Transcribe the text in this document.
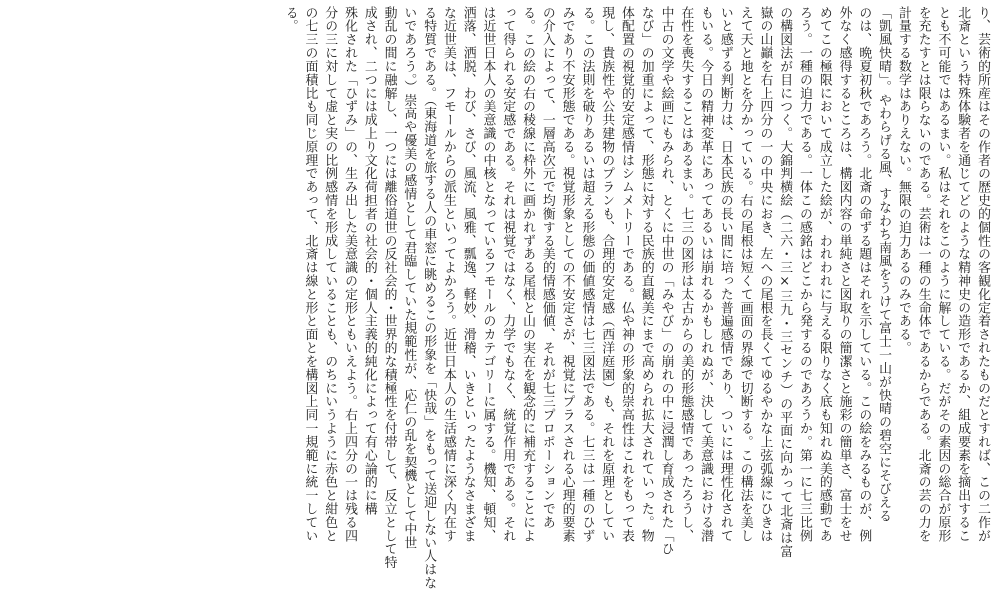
り、芸術的所産はその作者の歴史的個性の客観化定着されたものだとすれば、この二作が
北斎という特殊体験者を通じてどのような精神史の造形であるか、組成要素を摘出するこ
とも不可能ではあるまい。私はそれをこのように解している。だがその素因の総合が原形
を充たすとは限らないのである。芸術は一種の生命体であるからである。北斎の芸の力を
計量する数学はありえない。無限の迫力あるのみである。
「凱風快晴」。やわらげる風、すなわち南風をうけて富士一山が快晴の碧空にそびえる
のは、晩夏初秋であろう。北斎の命ずる題はそれを示している。この絵をみるものが、例
外なく感得するところは、構図内容の単純さと図取りの簡潔さと施彩の簡単さ、富士をせ
めてこの極限において成立した絵が、われわれに与える限りなく底も知れぬ美的感動であ
ろう。一種の迫力である。一体この感銘はどこから発するのであろうか。第一に七三比例
の構図法が目につく。大錦判横絵（二六・三×三九・三センチ）の平面に向かって北斎は富
嶽の山巓を右上四分の一の中央におき、左への尾根を長くてゆるやかな上弦弧線にひきは
えて天と地とを分かっている。右の尾根は短くて画面の界線で切断する。この構法を美し
いと感ずる判断力は、日本民族の長い間に培った普遍感情であり、ついには理性化されて
もいる。今日の精神変革にあってあるいは崩れるかもしれぬが、決して美意識における潜
在性を喪失することはあるまい。七三の図形は太古からの美的形態感情であったろうし、
中古の文学や絵画にもみられ、とくに中世の「みやび」の崩れの中に浸潤し育成された「ひ
なび」の加重によって、形態に対する民族的直観美にまで高められ拡大されていった。物
体配置の視覚的安定感情はシムメトリーである。仏や神の形象的崇高性はこれをもって表
現し、貴族性や公共建物のプランも、合理的安定感（西洋庭園）も、それを原理としてい
る。この法則を破りあるいは超える形態の価値感情は七三図法である。七三は一種のひず
みであり不安形態である。視覚形象としての不安定さが、視覚にプラスされる心理的要素
の介入によって、一層高次元で均衡する美的情感価値、それが七三プロポーションであ
る。この絵の右の稜線に枠外に画かれずある尾根と山の実在を観念的に補充することによ
って得られる安定感である。それは視覚ではなく、力学でもなく、統覚作用である。それ
は近世日本人の美意識の中核となっているフモールのカテゴリーに属する。機知、頓知、
洒落、洒脱、わび、さび、風流、風雅、瓢逸、軽妙、滑稽、いきといったようなさまざま
な近世美は、フモールからの派生といってよかろう。近世日本人の生活感情に深く内在す
る特質である。（東海道を旅する人の車窓に眺めるこの形象を「快哉」をもって送迎しない人はな
いであろう。）崇高や優美の感情として君臨していた規範性が、応仁の乱を契機として中世
動乱の間に融解し、一つには離俗道世の反社会的・世界的な積極性を付帯して、反立として特
成され、二つには成上り文化荷担者の社会的・個人主義的純化によって有心論的に構
殊化された「ひずみ」の、生み出した美意識の定形ともいえよう。右上四分の一は残る四
分の三に対して虚と実の比例感情を形成していることも、のちにいうように赤色と紺色と
の七三の面積比も同じ原理であって、北斎は線と形と面とを構図上同一規範に統一してい
る。
